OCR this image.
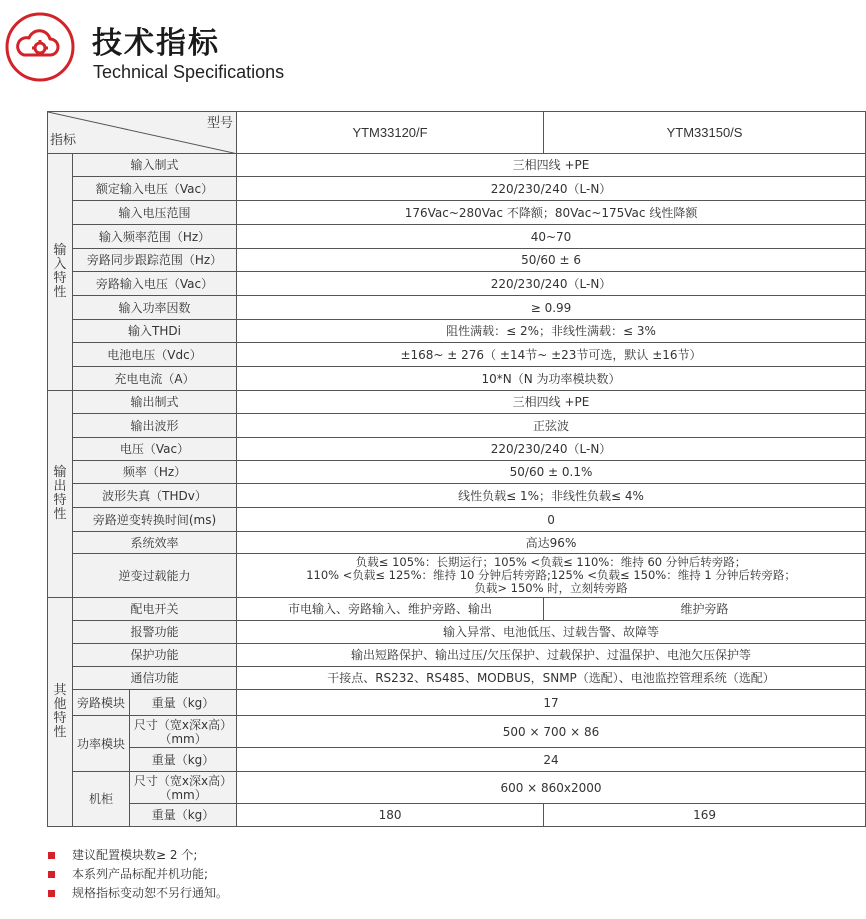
技术指标
Technical Specifications
型号
指标			YTM33120/F	YTM33150/S
输
入
特
性	输入制式		三相四线 +PE	
	额定输入电压（Vac）		220/230/240（L-N）	
	输入电压范围		176Vac~280Vac 不降额；80Vac~175Vac 线性降额	
	输入频率范围（Hz）		40~70	
	旁路同步跟踪范围（Hz）		50/60 ± 6	
	旁路输入电压（Vac）		220/230/240（L-N）	
	输入功率因数		≥ 0.99	
	输入THDi		阻性满载：≤ 2%；非线性满载：≤ 3%	
	电池电压（Vdc）		±168~ ± 276（ ±14节~ ±23节可选，默认 ±16节）	
	充电电流（A）		10*N（N 为功率模块数）	
输
出
特
性	输出制式		三相四线 +PE	
	输出波形		正弦波	
	电压（Vac）		220/230/240（L-N）	
	频率（Hz）		50/60 ± 0.1%	
	波形失真（THDv）		线性负载≤ 1%；非线性负载≤ 4%	
	旁路逆变转换时间(ms)		0	
	系统效率		高达96%	
	逆变过载能力		负载≤ 105%：长期运行；105% <负载≤ 110%：维持 60 分钟后转旁路；
110% <负载≤ 125%：维持 10 分钟后转旁路;125% <负载≤ 150%：维持 1 分钟后转旁路；
负载> 150% 时，立刻转旁路	

其
他
特
性	配电开关		市电输入、旁路输入、维护旁路、输出	维护旁路
	报警功能		输入异常、电池低压、过载告警、故障等	
	保护功能		输出短路保护、输出过压/欠压保护、过载保护、过温保护、电池欠压保护等	
	通信功能		干接点、RS232、RS485、MODBUS，SNMP（选配）、电池监控管理系统（选配）	
	旁路模块	重量（kg）	17	
	功率模块	尺寸（宽x深x高）
（mm）	500 × 700 × 86	
		重量（kg）	24	
	机柜	尺寸（宽x深x高）
（mm）	600 × 860x2000	
		重量（kg）	180	169
建议配置模块数≥ 2 个;
本系列产品标配并机功能;
规格指标变动恕不另行通知。
